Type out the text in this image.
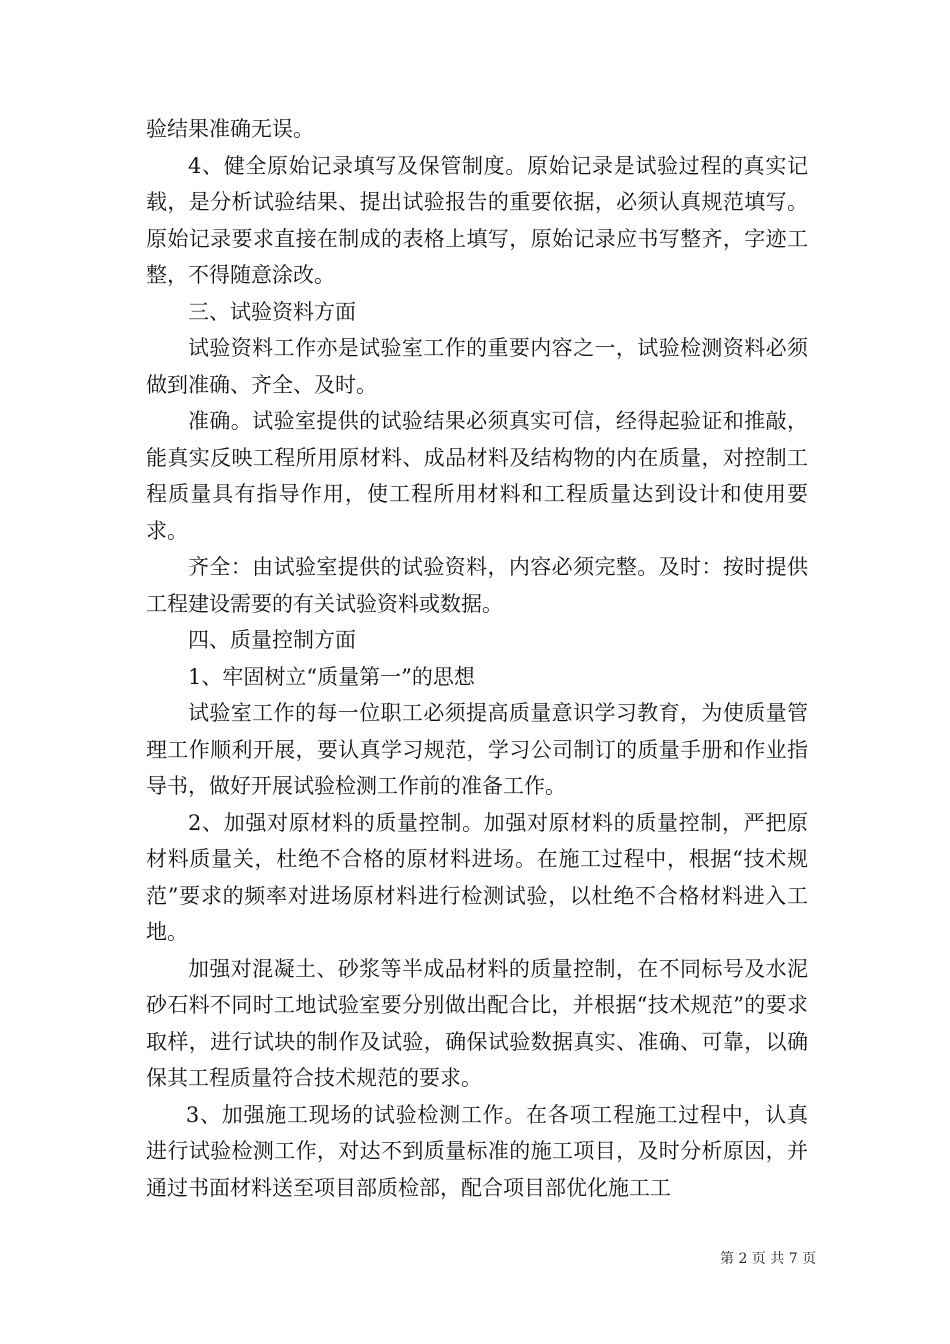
验结果准确无误。

4、健全原始记录填写及保管制度。原始记录是试验过程的真实记载，是分析试验结果、提出试验报告的重要依据，必须认真规范填写。原始记录要求直接在制成的表格上填写，原始记录应书写整齐，字迹工整，不得随意涂改。

三、试验资料方面

试验资料工作亦是试验室工作的重要内容之一，试验检测资料必须做到准确、齐全、及时。

准确。试验室提供的试验结果必须真实可信，经得起验证和推敲，能真实反映工程所用原材料、成品材料及结构物的内在质量，对控制工程质量具有指导作用，使工程所用材料和工程质量达到设计和使用要求。

齐全：由试验室提供的试验资料，内容必须完整。及时：按时提供工程建设需要的有关试验资料或数据。

四、质量控制方面

1、牢固树立“质量第一”的思想

试验室工作的每一位职工必须提高质量意识学习教育，为使质量管理工作顺利开展，要认真学习规范，学习公司制订的质量手册和作业指导书，做好开展试验检测工作前的准备工作。

2、加强对原材料的质量控制。加强对原材料的质量控制，严把原材料质量关，杜绝不合格的原材料进场。在施工过程中，根据“技术规范”要求的频率对进场原材料进行检测试验，以杜绝不合格材料进入工地。

加强对混凝土、砂浆等半成品材料的质量控制，在不同标号及水泥砂石料不同时工地试验室要分别做出配合比，并根据“技术规范”的要求取样，进行试块的制作及试验，确保试验数据真实、准确、可靠，以确保其工程质量符合技术规范的要求。

3、加强施工现场的试验检测工作。在各项工程施工过程中，认真进行试验检测工作，对达不到质量标准的施工项目，及时分析原因，并通过书面材料送至项目部质检部，配合项目部优化施工工

第 2 页 共 7 页
